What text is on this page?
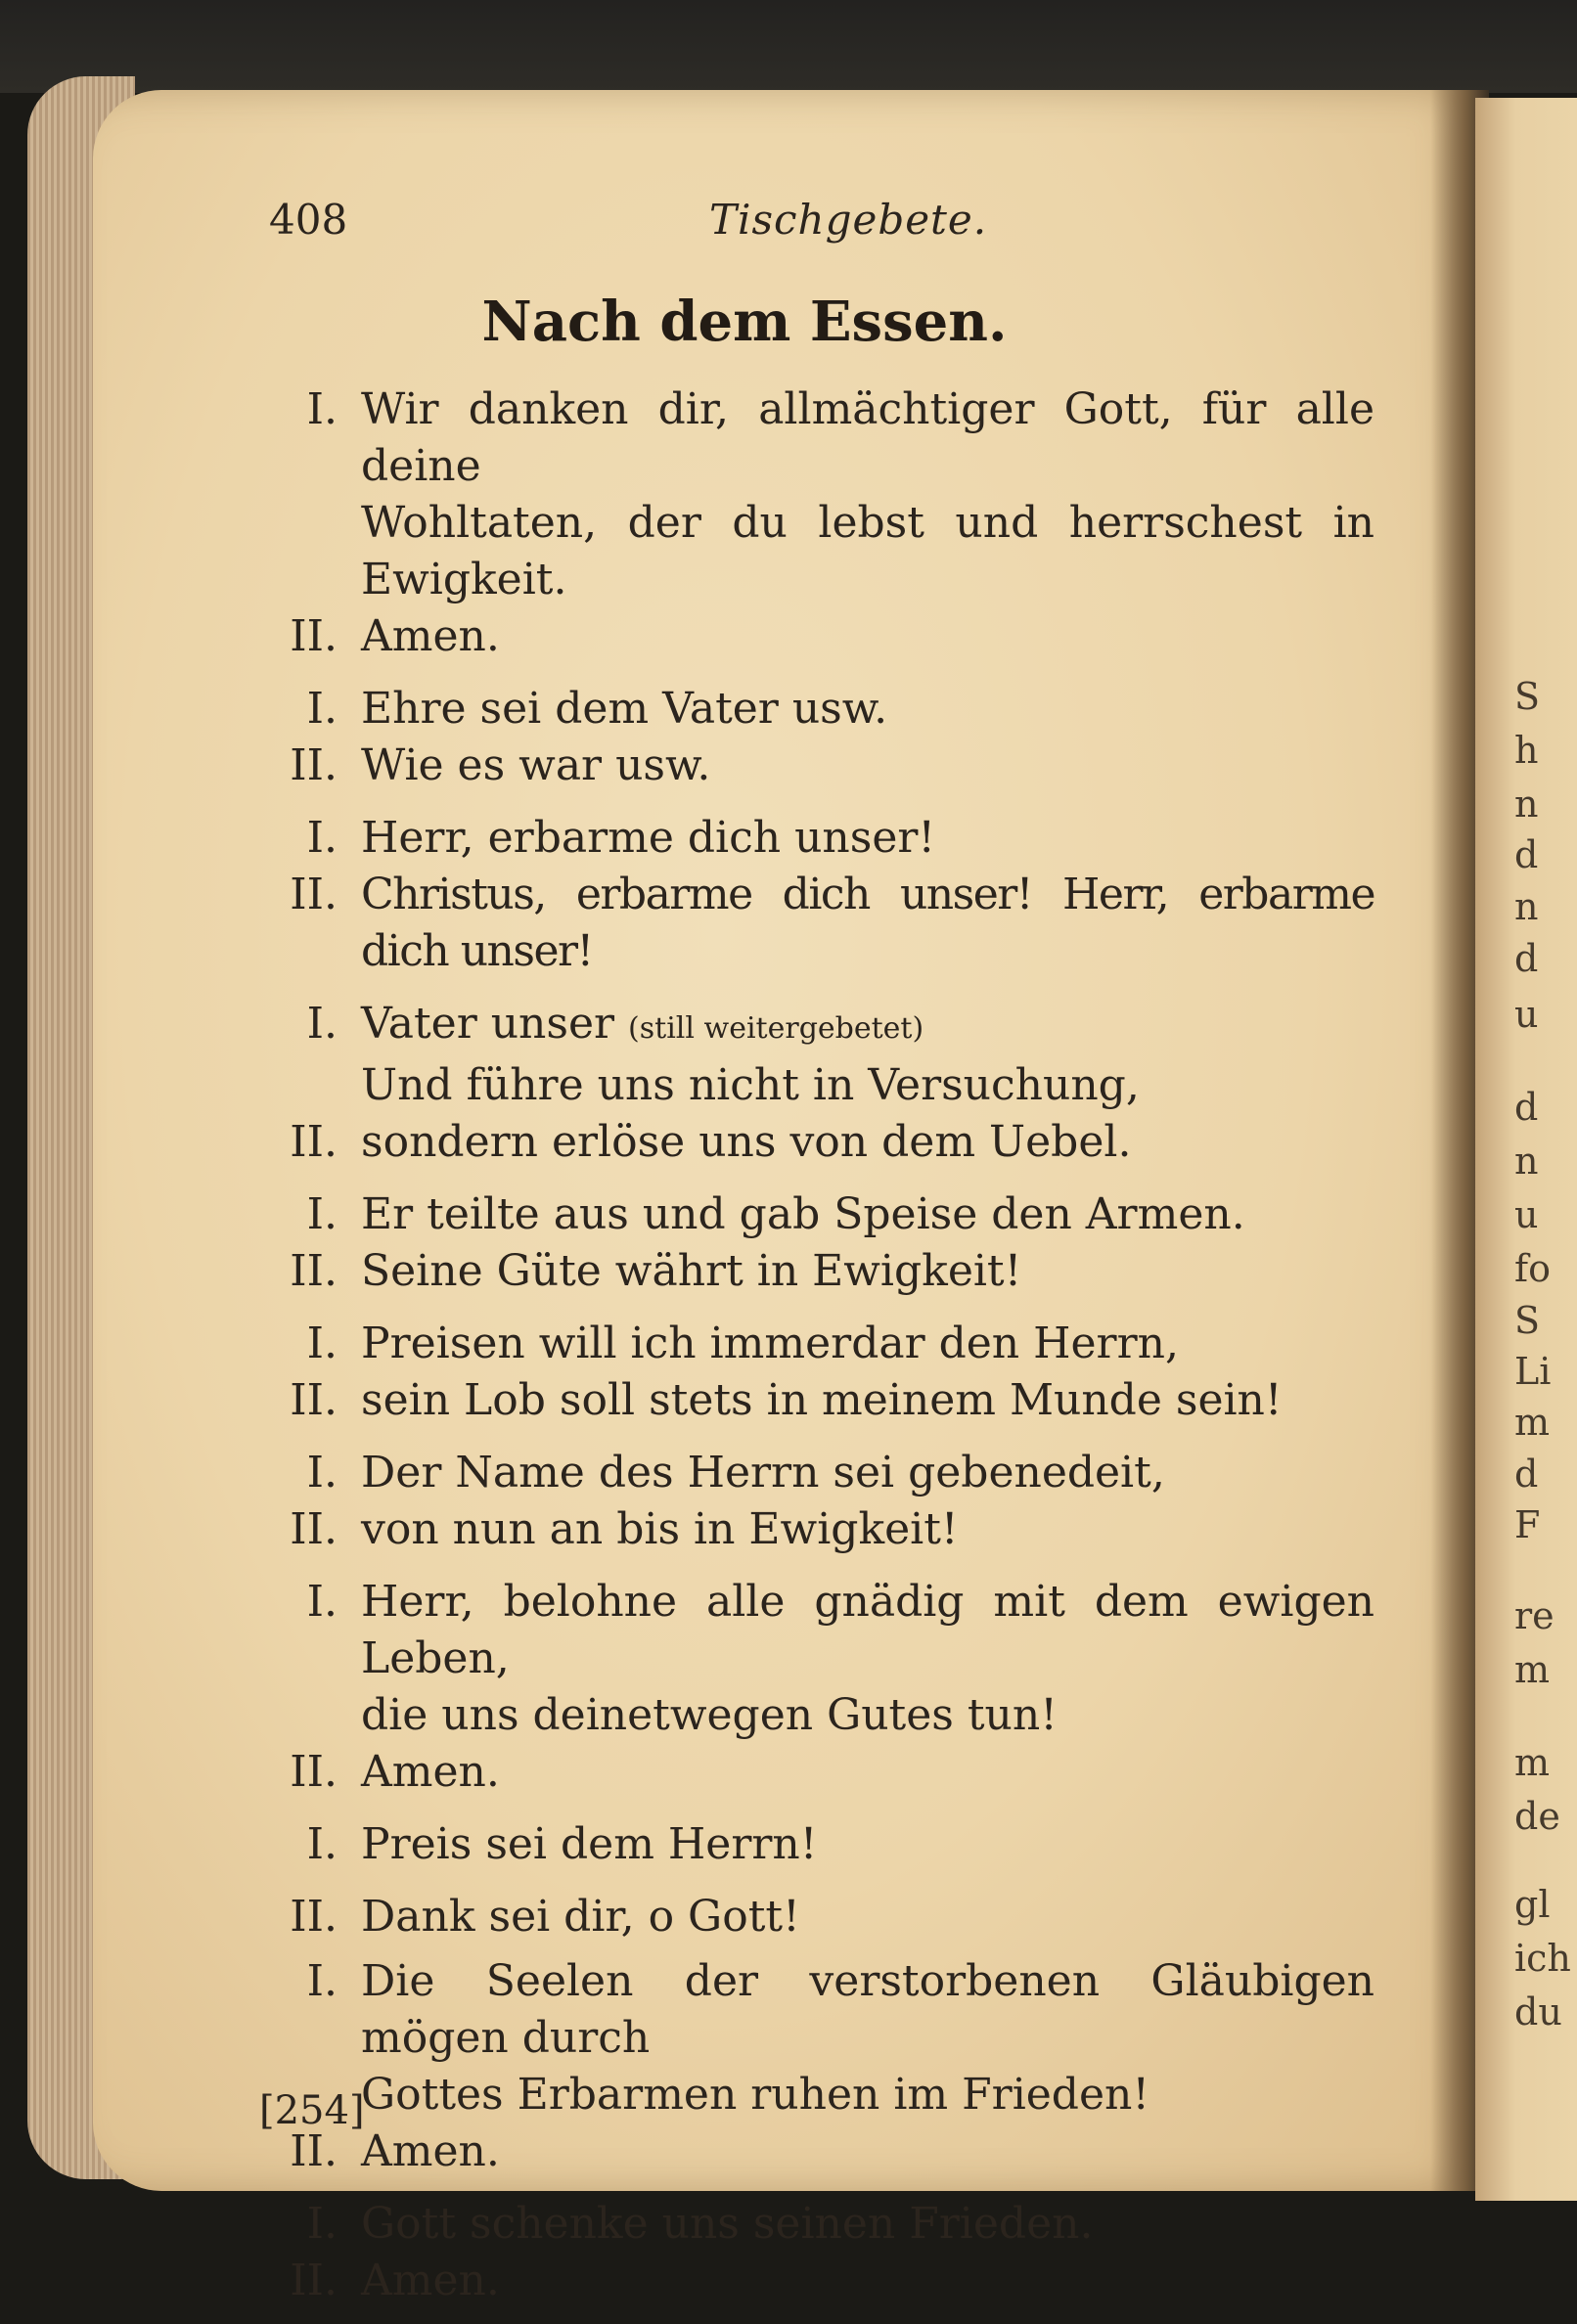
S
h
n
d
n
d
u
d
n
u
fo
S
Li
m
d
F
re
m
m
de
gl
ich
du
408	Tischgebete.
Nach dem Essen.
I. Wir danken dir, allmächtiger Gott, für alle deine
Wohltaten, der du lebst und herrschest in Ewigkeit.
II. Amen.
I. Ehre sei dem Vater usw.
II. Wie es war usw.
I. Herr, erbarme dich unser!
II. Christus, erbarme dich unser! Herr, erbarme dich unser!
I. Vater unser (still weitergebetet)
Und führe uns nicht in Versuchung,
II. sondern erlöse uns von dem Uebel.
I. Er teilte aus und gab Speise den Armen.
II. Seine Güte währt in Ewigkeit!
I. Preisen will ich immerdar den Herrn,
II. sein Lob soll stets in meinem Munde sein!
I. Der Name des Herrn sei gebenedeit,
II. von nun an bis in Ewigkeit!
I. Herr, belohne alle gnädig mit dem ewigen Leben,
die uns deinetwegen Gutes tun!
II. Amen.
I. Preis sei dem Herrn!
II. Dank sei dir, o Gott!
I. Die Seelen der verstorbenen Gläubigen mögen durch
Gottes Erbarmen ruhen im Frieden!
II. Amen.
I. Gott schenke uns seinen Frieden.
II. Amen.
[254]
